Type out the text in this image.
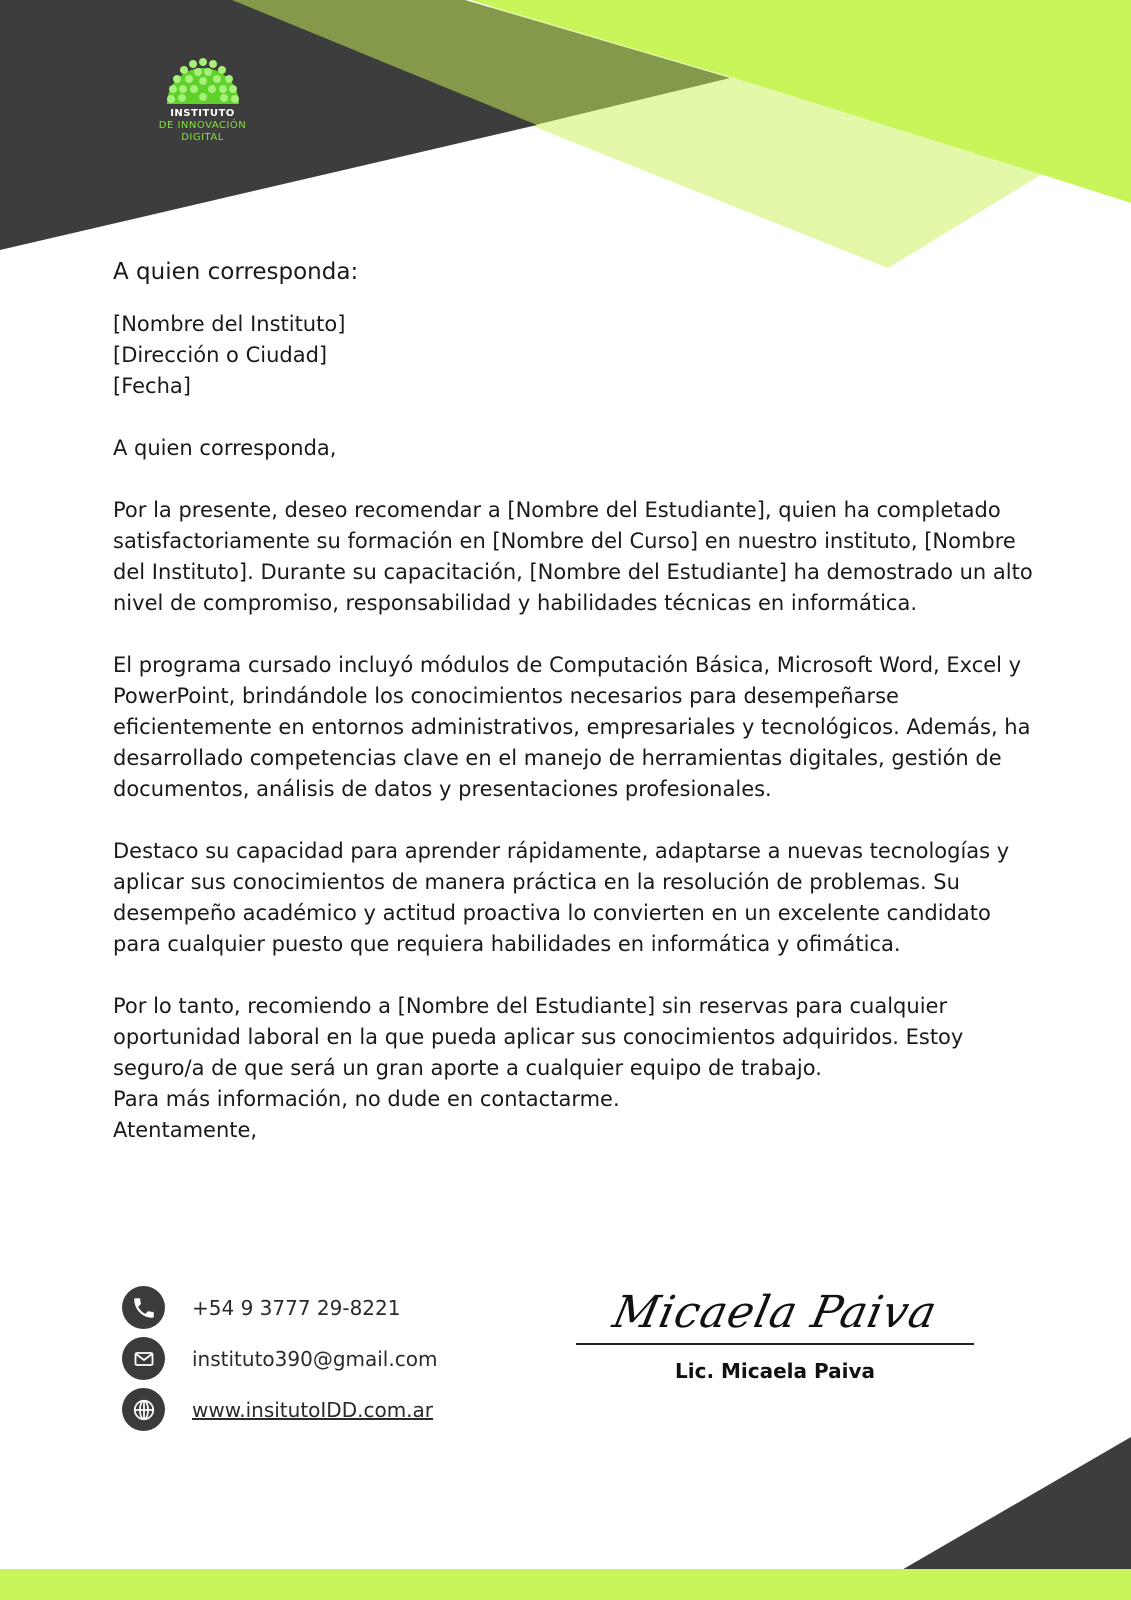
INSTITUTO
DE INNOVACIÓN
DIGITAL

A quien corresponda:

[Nombre del Instituto]

[Dirección o Ciudad]

[Fecha]

A quien corresponda,

Por la presente, deseo recomendar a [Nombre del Estudiante], quien ha completado satisfactoriamente su formación en [Nombre del Curso] en nuestro instituto, [Nombre del Instituto]. Durante su capacitación, [Nombre del Estudiante] ha demostrado un alto nivel de compromiso, responsabilidad y habilidades técnicas en informática.

El programa cursado incluyó módulos de Computación Básica, Microsoft Word, Excel y PowerPoint, brindándole los conocimientos necesarios para desempeñarse eficientemente en entornos administrativos, empresariales y tecnológicos. Además, ha desarrollado competencias clave en el manejo de herramientas digitales, gestión de documentos, análisis de datos y presentaciones profesionales.

Destaco su capacidad para aprender rápidamente, adaptarse a nuevas tecnologías y aplicar sus conocimientos de manera práctica en la resolución de problemas. Su desempeño académico y actitud proactiva lo convierten en un excelente candidato para cualquier puesto que requiera habilidades en informática y ofimática.

Por lo tanto, recomiendo a [Nombre del Estudiante] sin reservas para cualquier oportunidad laboral en la que pueda aplicar sus conocimientos adquiridos. Estoy seguro/a de que será un gran aporte a cualquier equipo de trabajo.

Para más información, no dude en contactarme.

Atentamente,

+54 9 3777 29-8221
instituto390@gmail.com
www.insitutoIDD.com.ar
Micaela Paiva
Lic. Micaela Paiva
